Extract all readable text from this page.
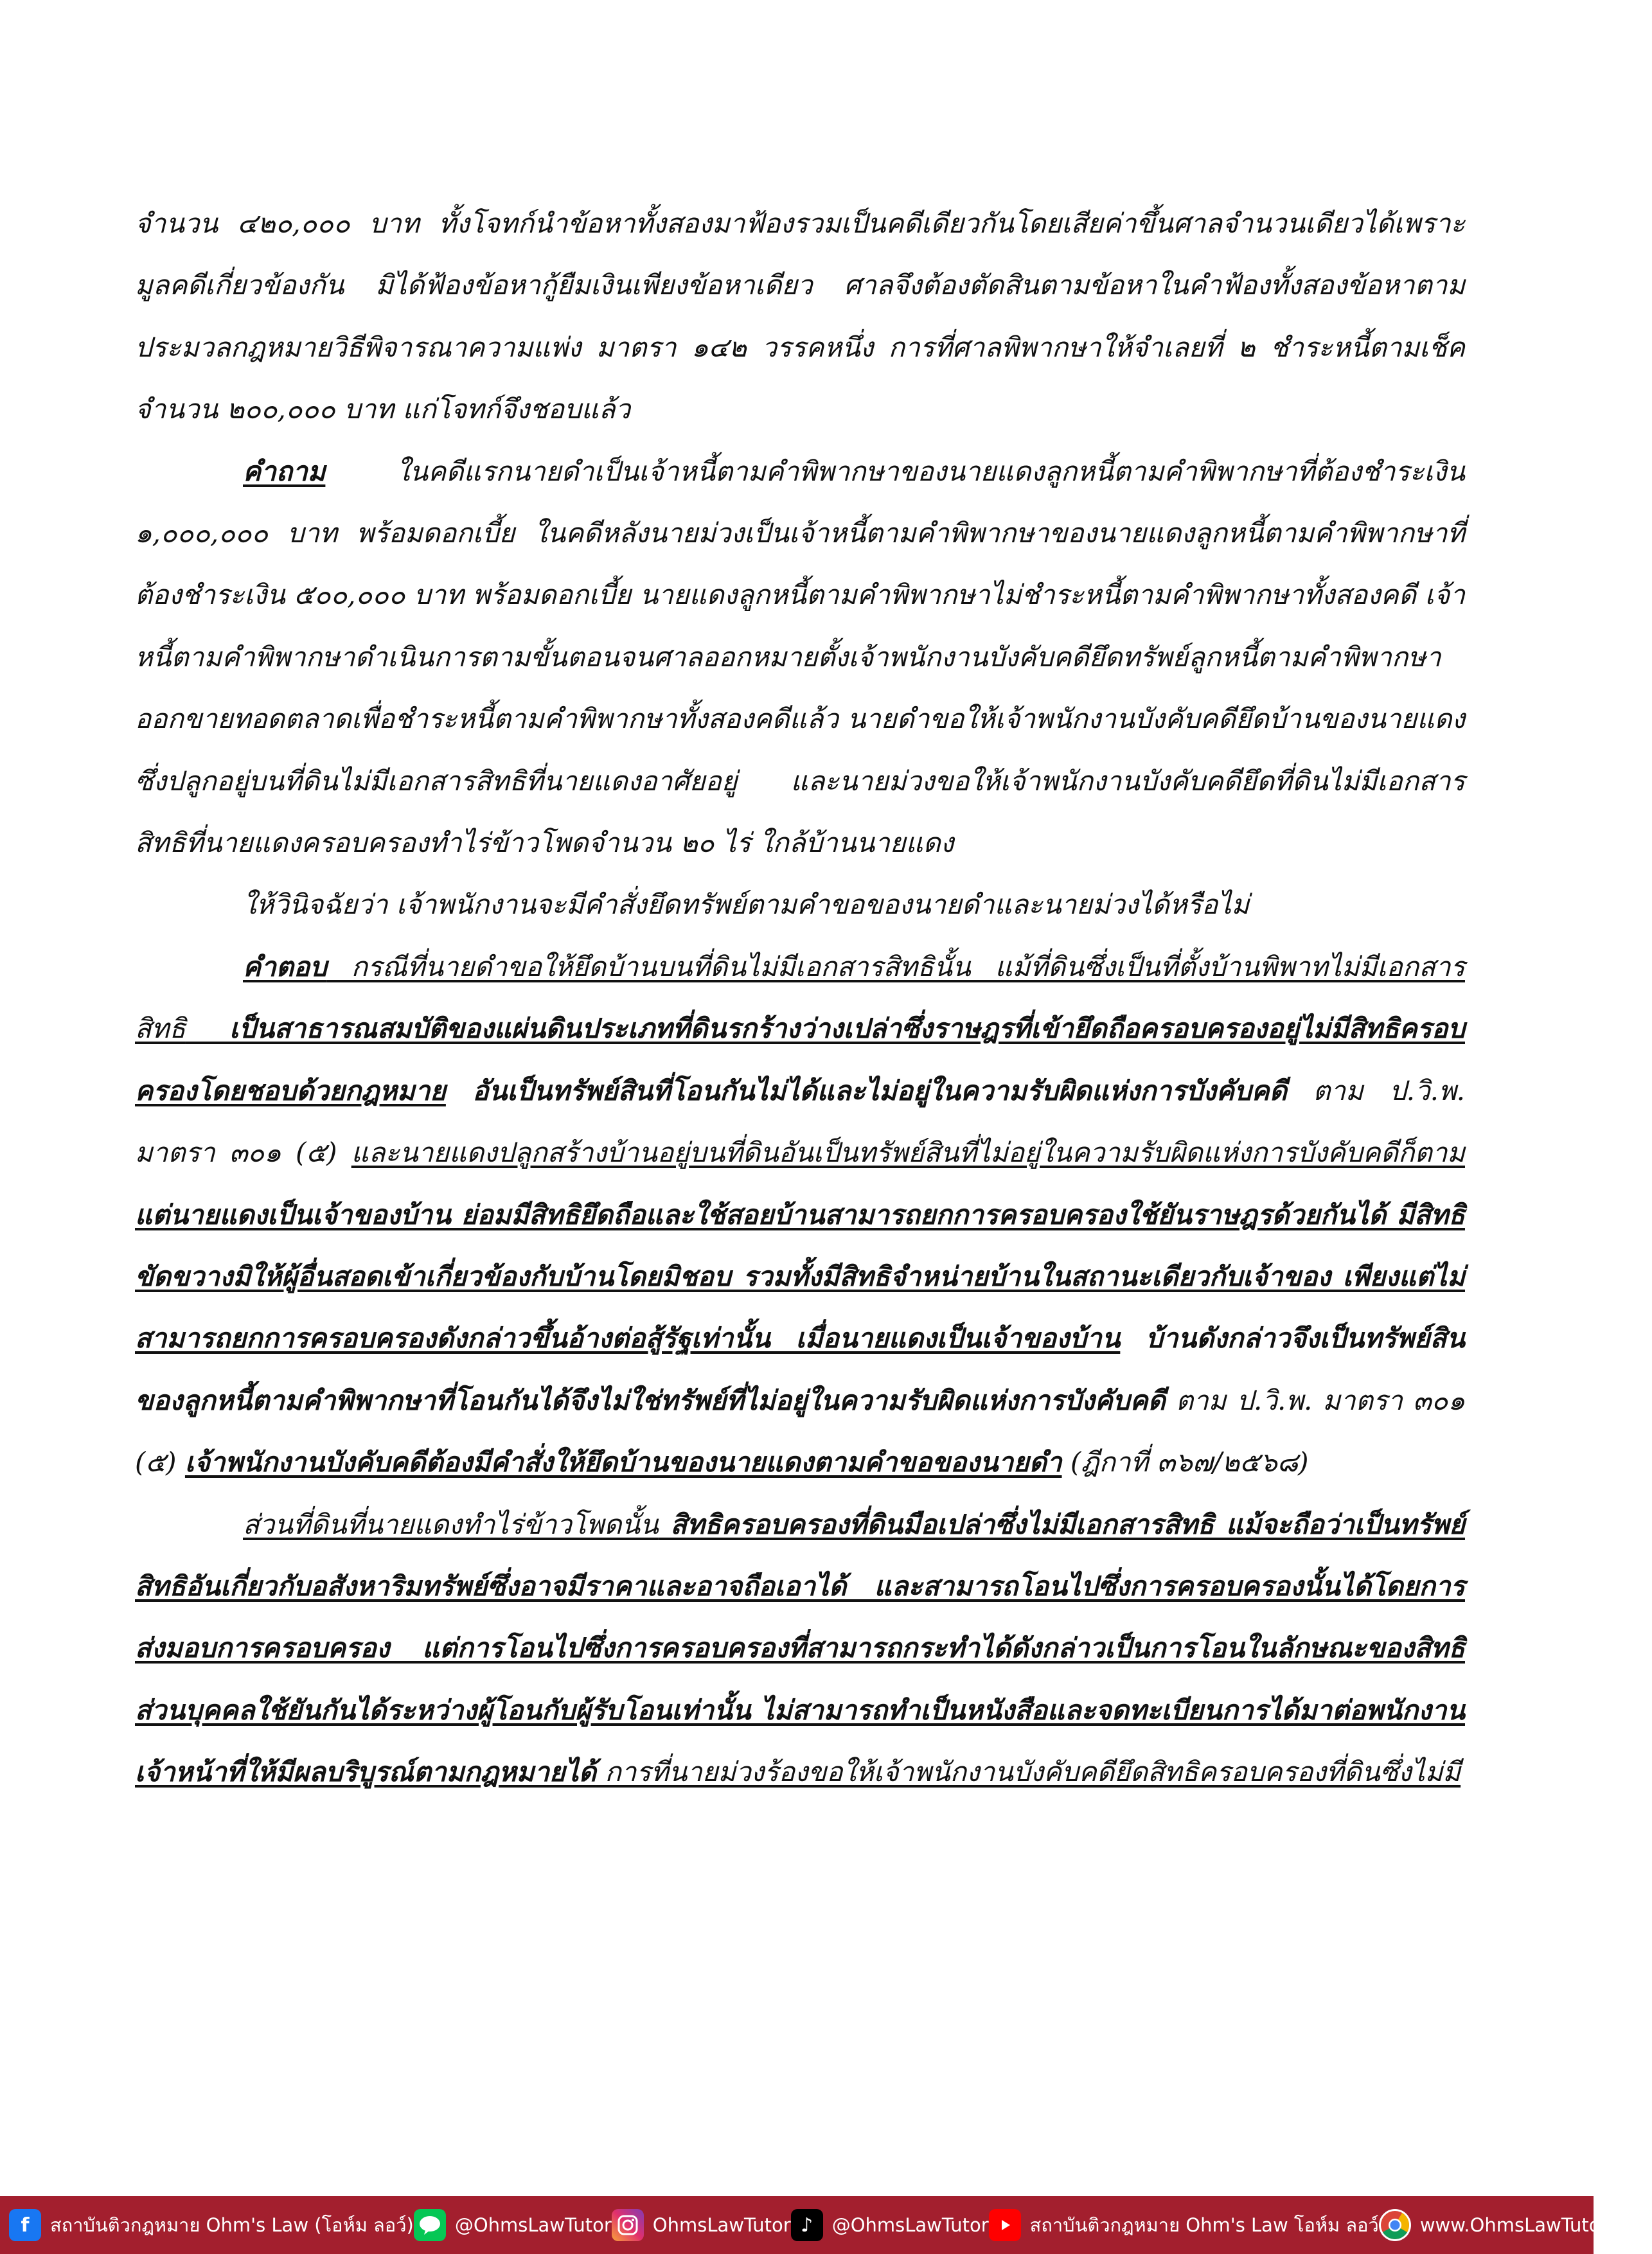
จำนวน ๔๒๐,๐๐๐ บาท ทั้งโจทก์นำข้อหาทั้งสองมาฟ้องรวมเป็นคดีเดียวกันโดยเสียค่าขึ้นศาลจำนวนเดียวได้เพราะมูลคดีเกี่ยวข้องกัน มิได้ฟ้องข้อหากู้ยืมเงินเพียงข้อหาเดียว ศาลจึงต้องตัดสินตามข้อหาในคำฟ้องทั้งสองข้อหาตามประมวลกฎหมายวิธีพิจารณาความแพ่ง มาตรา ๑๔๒ วรรคหนึ่ง การที่ศาลพิพากษาให้จำเลยที่ ๒ ชำระหนี้ตามเช็คจำนวน ๒๐๐,๐๐๐ บาท แก่โจทก์จึงชอบแล้ว

คำถาม ในคดีแรกนายดำเป็นเจ้าหนี้ตามคำพิพากษาของนายแดงลูกหนี้ตามคำพิพากษาที่ต้องชำระเงิน ๑,๐๐๐,๐๐๐ บาท พร้อมดอกเบี้ย ในคดีหลังนายม่วงเป็นเจ้าหนี้ตามคำพิพากษาของนายแดงลูกหนี้ตามคำพิพากษาที่ต้องชำระเงิน ๕๐๐,๐๐๐ บาท พร้อมดอกเบี้ย นายแดงลูกหนี้ตามคำพิพากษาไม่ชำระหนี้ตามคำพิพากษาทั้งสองคดี เจ้าหนี้ตามคำพิพากษาดำเนินการตามขั้นตอนจนศาลออกหมายตั้งเจ้าพนักงานบังคับคดียึดทรัพย์ลูกหนี้ตามคำพิพากษาออกขายทอดตลาดเพื่อชำระหนี้ตามคำพิพากษาทั้งสองคดีแล้ว นายดำขอให้เจ้าพนักงานบังคับคดียึดบ้านของนายแดงซึ่งปลูกอยู่บนที่ดินไม่มีเอกสารสิทธิที่นายแดงอาศัยอยู่ และนายม่วงขอให้เจ้าพนักงานบังคับคดียึดที่ดินไม่มีเอกสารสิทธิที่นายแดงครอบครองทำไร่ข้าวโพดจำนวน ๒๐ ไร่ ใกล้บ้านนายแดง

ให้วินิจฉัยว่า เจ้าพนักงานจะมีคำสั่งยึดทรัพย์ตามคำขอของนายดำและนายม่วงได้หรือไม่

คำตอบ กรณีที่นายดำขอให้ยึดบ้านบนที่ดินไม่มีเอกสารสิทธินั้น แม้ที่ดินซึ่งเป็นที่ตั้งบ้านพิพาทไม่มีเอกสารสิทธิ เป็นสาธารณสมบัติของแผ่นดินประเภทที่ดินรกร้างว่างเปล่าซึ่งราษฎรที่เข้ายึดถือครอบครองอยู่ไม่มีสิทธิครอบครองโดยชอบด้วยกฎหมาย อันเป็นทรัพย์สินที่โอนกันไม่ได้และไม่อยู่ในความรับผิดแห่งการบังคับคดี ตาม ป.วิ.พ. มาตรา ๓๐๑ (๕) และนายแดงปลูกสร้างบ้านอยู่บนที่ดินอันเป็นทรัพย์สินที่ไม่อยู่ในความรับผิดแห่งการบังคับคดีก็ตาม แต่นายแดงเป็นเจ้าของบ้าน ย่อมมีสิทธิยึดถือและใช้สอยบ้านสามารถยกการครอบครองใช้ยันราษฎรด้วยกันได้ มีสิทธิขัดขวางมิให้ผู้อื่นสอดเข้าเกี่ยวข้องกับบ้านโดยมิชอบ รวมทั้งมีสิทธิจำหน่ายบ้านในสถานะเดียวกับเจ้าของ เพียงแต่ไม่สามารถยกการครอบครองดังกล่าวขึ้นอ้างต่อสู้รัฐเท่านั้น เมื่อนายแดงเป็นเจ้าของบ้าน บ้านดังกล่าวจึงเป็นทรัพย์สินของลูกหนี้ตามคำพิพากษาที่โอนกันได้จึงไม่ใช่ทรัพย์ที่ไม่อยู่ในความรับผิดแห่งการบังคับคดี ตาม ป.วิ.พ. มาตรา ๓๐๑ (๕) เจ้าพนักงานบังคับคดีต้องมีคำสั่งให้ยึดบ้านของนายแดงตามคำขอของนายดำ (ฎีกาที่ ๓๖๗/๒๕๖๘)

ส่วนที่ดินที่นายแดงทำไร่ข้าวโพดนั้น สิทธิครอบครองที่ดินมือเปล่าซึ่งไม่มีเอกสารสิทธิ แม้จะถือว่าเป็นทรัพย์สิทธิอันเกี่ยวกับอสังหาริมทรัพย์ซึ่งอาจมีราคาและอาจถือเอาได้ และสามารถโอนไปซึ่งการครอบครองนั้นได้โดยการส่งมอบการครอบครอง แต่การโอนไปซึ่งการครอบครองที่สามารถกระทำได้ดังกล่าวเป็นการโอนในลักษณะของสิทธิส่วนบุคคลใช้ยันกันได้ระหว่างผู้โอนกับผู้รับโอนเท่านั้น ไม่สามารถทำเป็นหนังสือและจดทะเบียนการได้มาต่อพนักงานเจ้าหน้าที่ให้มีผลบริบูรณ์ตามกฎหมายได้ การที่นายม่วงร้องขอให้เจ้าพนักงานบังคับคดียึดสิทธิครอบครองที่ดินซึ่งไม่มี

f	สถาบันติวกฎหมาย Ohm's Law (โอห์ม ลอว์) @OhmsLawTutor OhmsLawTutor ♪	@OhmsLawTutor สถาบันติวกฎหมาย Ohm's Law โอห์ม ลอว์ www.OhmsLawTutor.com
